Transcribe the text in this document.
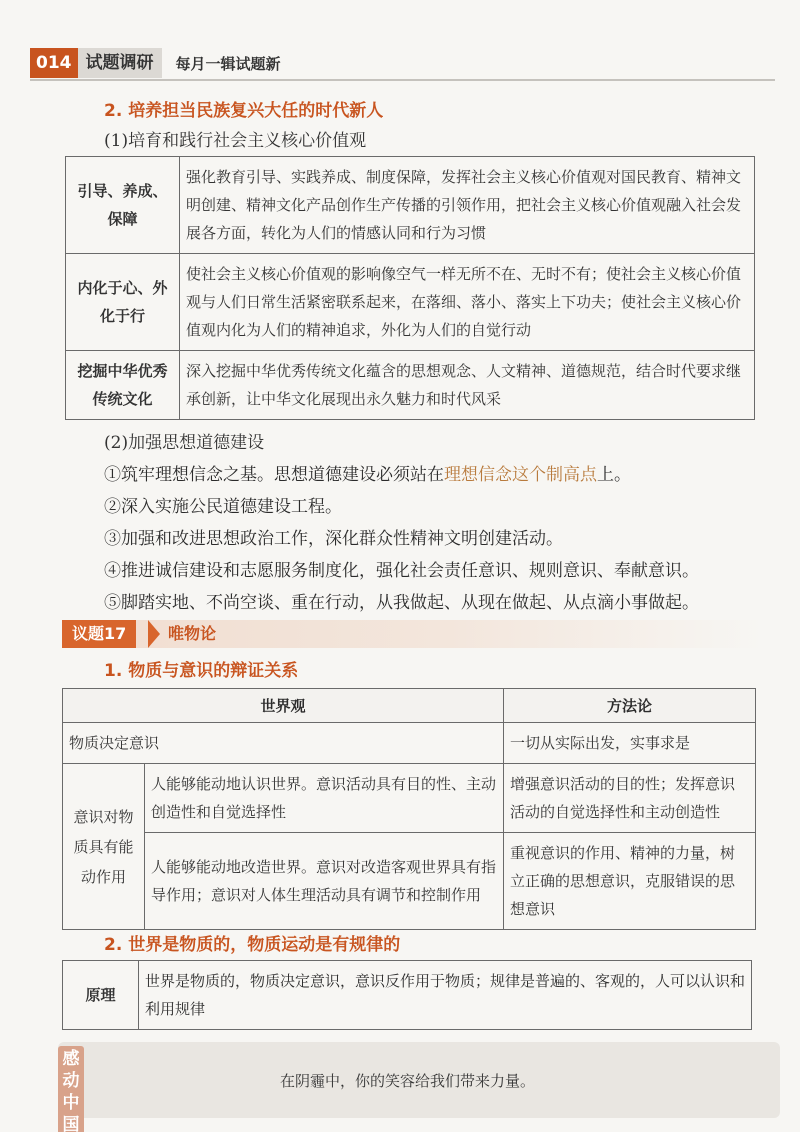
014 试题调研	每月一辑试题新
2. 培养担当民族复兴大任的时代新人
(1)培育和践行社会主义核心价值观
引导、养成、保障	强化教育引导、实践养成、制度保障，发挥社会主义核心价值观对国民教育、精神文明创建、精神文化产品创作生产传播的引领作用，把社会主义核心价值观融入社会发展各方面，转化为人们的情感认同和行为习惯
内化于心、外化于行	使社会主义核心价值观的影响像空气一样无所不在、无时不有；使社会主义核心价值观与人们日常生活紧密联系起来，在落细、落小、落实上下功夫；使社会主义核心价值观内化为人们的精神追求，外化为人们的自觉行动
挖掘中华优秀传统文化	深入挖掘中华优秀传统文化蕴含的思想观念、人文精神、道德规范，结合时代要求继承创新，让中华文化展现出永久魅力和时代风采
(2)加强思想道德建设
①筑牢理想信念之基。思想道德建设必须站在理想信念这个制高点上。
②深入实施公民道德建设工程。
③加强和改进思想政治工作，深化群众性精神文明创建活动。
④推进诚信建设和志愿服务制度化，强化社会责任意识、规则意识、奉献意识。
⑤脚踏实地、不尚空谈、重在行动，从我做起、从现在做起、从点滴小事做起。
议题17	唯物论
1. 物质与意识的辩证关系
世界观		方法论
物质决定意识		一切从实际出发，实事求是
意识对物质具有能动作用	人能够能动地认识世界。意识活动具有目的性、主动创造性和自觉选择性	增强意识活动的目的性；发挥意识活动的自觉选择性和主动创造性
	人能够能动地改造世界。意识对改造客观世界具有指导作用；意识对人体生理活动具有调节和控制作用	重视意识的作用、精神的力量，树立正确的思想意识，克服错误的思想意识
2. 世界是物质的，物质运动是有规律的
原理	世界是物质的，物质决定意识，意识反作用于物质；规律是普遍的、客观的，人可以认识和利用规律
感动中国
在阴霾中，你的笑容给我们带来力量。
